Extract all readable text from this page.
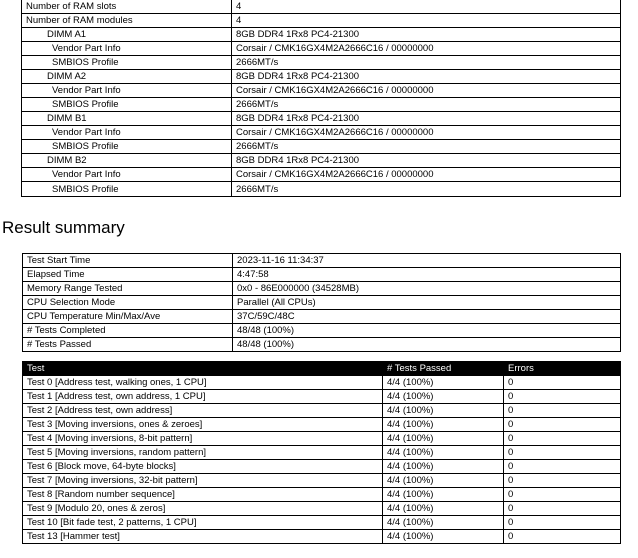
Number of RAM slots	4
Number of RAM modules	4
DIMM A1	8GB DDR4 1Rx8 PC4-21300
Vendor Part Info	Corsair / CMK16GX4M2A2666C16 / 00000000
SMBIOS Profile	2666MT/s
DIMM A2	8GB DDR4 1Rx8 PC4-21300
Vendor Part Info	Corsair / CMK16GX4M2A2666C16 / 00000000
SMBIOS Profile	2666MT/s
DIMM B1	8GB DDR4 1Rx8 PC4-21300
Vendor Part Info	Corsair / CMK16GX4M2A2666C16 / 00000000
SMBIOS Profile	2666MT/s
DIMM B2	8GB DDR4 1Rx8 PC4-21300
Vendor Part Info	Corsair / CMK16GX4M2A2666C16 / 00000000
SMBIOS Profile	2666MT/s
Result summary
Test Start Time	2023-11-16 11:34:37
Elapsed Time	4:47:58
Memory Range Tested	0x0 - 86E000000 (34528MB)
CPU Selection Mode	Parallel (All CPUs)
CPU Temperature Min/Max/Ave	37C/59C/48C
# Tests Completed	48/48 (100%)
# Tests Passed	48/48 (100%)
Test	# Tests Passed	Errors
Test 0 [Address test, walking ones, 1 CPU]	4/4 (100%)	0
Test 1 [Address test, own address, 1 CPU]	4/4 (100%)	0
Test 2 [Address test, own address]	4/4 (100%)	0
Test 3 [Moving inversions, ones & zeroes]	4/4 (100%)	0
Test 4 [Moving inversions, 8-bit pattern]	4/4 (100%)	0
Test 5 [Moving inversions, random pattern]	4/4 (100%)	0
Test 6 [Block move, 64-byte blocks]	4/4 (100%)	0
Test 7 [Moving inversions, 32-bit pattern]	4/4 (100%)	0
Test 8 [Random number sequence]	4/4 (100%)	0
Test 9 [Modulo 20, ones & zeros]	4/4 (100%)	0
Test 10 [Bit fade test, 2 patterns, 1 CPU]	4/4 (100%)	0
Test 13 [Hammer test]	4/4 (100%)	0
